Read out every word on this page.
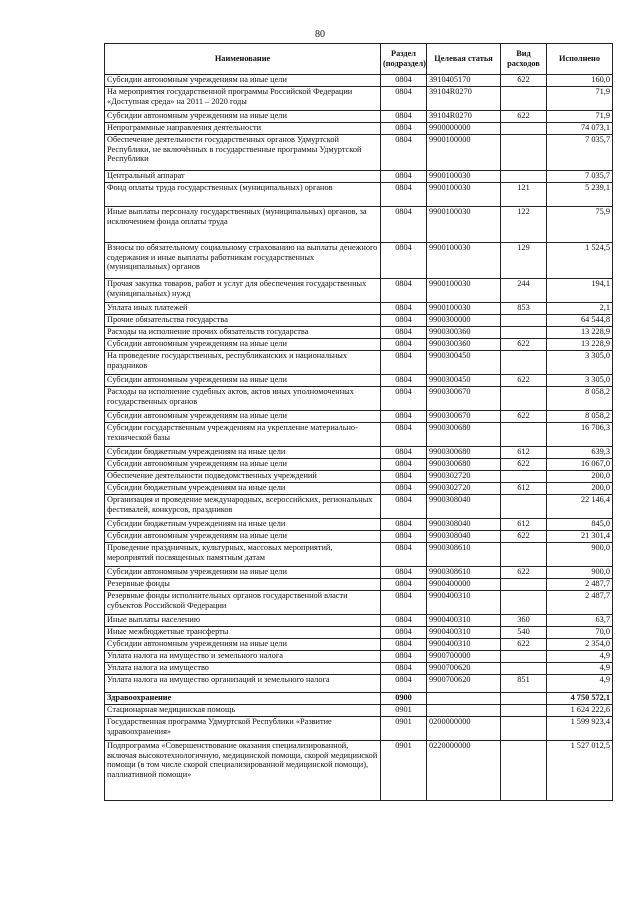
80
Наименование	Раздел (подраздел)	Целевая статья	Вид расходов	Исполнено
Субсидии автономным учреждениям на иные цели	0804	3910405170	622	160,0
На мероприятия государственной программы Российской Федерации «Доступная среда» на 2011 – 2020 годы	0804	39104R0270		71,9
Субсидии автономным учреждениям на иные цели	0804	39104R0270	622	71,9
Непрограммные направления деятельности	0804	9900000000		74 073,1
Обеспечение деятельности государственных органов Удмуртской Республики, не включённых в государственные программы Удмуртской Республики	0804	9900100000		7 035,7
Центральный аппарат	0804	9900100030		7 035,7
Фонд оплаты труда государственных (муниципальных) органов	0804	9900100030	121	5 239,1
Иные выплаты персоналу государственных (муниципальных) органов, за исключением фонда оплаты труда	0804	9900100030	122	75,9
Взносы по обязательному социальному страхованию на выплаты денежного содержания и иные выплаты работникам государственных (муниципальных) органов	0804	9900100030	129	1 524,5
Прочая закупка товаров, работ и услуг для обеспечения государственных (муниципальных) нужд	0804	9900100030	244	194,1
Уплата иных платежей	0804	9900100030	853	2,1
Прочие обязательства государства	0804	9900300000		64 544,8
Расходы на исполнение прочих обязательств государства	0804	9900300360		13 228,9
Субсидии автономным учреждениям на иные цели	0804	9900300360	622	13 228,9
На проведение государственных, республиканских и национальных праздников	0804	9900300450		3 305,0
Субсидии автономным учреждениям на иные цели	0804	9900300450	622	3 305,0
Расходы на исполнение судебных актов, актов иных уполномоченных государственных органов	0804	9900300670		8 058,2
Субсидии автономным учреждениям на иные цели	0804	9900300670	622	8 058,2
Субсидии государственным учреждениям на укрепление материально-технической базы	0804	9900300680		16 706,3
Субсидии бюджетным учреждениям на иные цели	0804	9900300680	612	639,3
Субсидии автономным учреждениям на иные цели	0804	9900300680	622	16 067,0
Обеспечение деятельности подведомственных учреждений	0804	9900302720		200,0
Субсидии бюджетным учреждениям на иные цели	0804	9900302720	612	200,0
Организация и проведение международных, всероссийских, региональных фестивалей, конкурсов, праздников	0804	9900308040		22 146,4
Субсидии бюджетным учреждениям на иные цели	0804	9900308040	612	845,0
Субсидии автономным учреждениям на иные цели	0804	9900308040	622	21 301,4
Проведение праздничных, культурных, массовых мероприятий, мероприятий посвященных памятным датам	0804	9900308610		900,0
Субсидии автономным учреждениям на иные цели	0804	9900308610	622	900,0
Резервные фонды	0804	9900400000		2 487,7
Резервные фонды исполнительных органов государственной власти субъектов Российской Федерации	0804	9900400310		2 487,7
Иные выплаты населению	0804	9900400310	360	63,7
Иные межбюджетные трансферты	0804	9900400310	540	70,0
Субсидии автономным учреждениям на иные цели	0804	9900400310	622	2 354,0
Уплата налога на имущество и земельного налога	0804	9900700000		4,9
Уплата налога на имущество	0804	9900700620		4,9
Уплата налога на имущество организаций и земельного налога	0804	9900700620	851	4,9
Здравоохранение	0900			4 750 572,1
Стационарная медицинская помощь	0901			1 624 222,6
Государственная программа Удмуртской Республики «Развитие здравоохранения»	0901	0200000000		1 599 923,4
Подпрограмма «Совершенствование оказания специализированной, включая высокотехнологичную, медицинской помощи, скорой медицинской помощи (в том числе скорой специализированной медицинской помощи), паллиативной помощи»	0901	0220000000		1 527 012,5
